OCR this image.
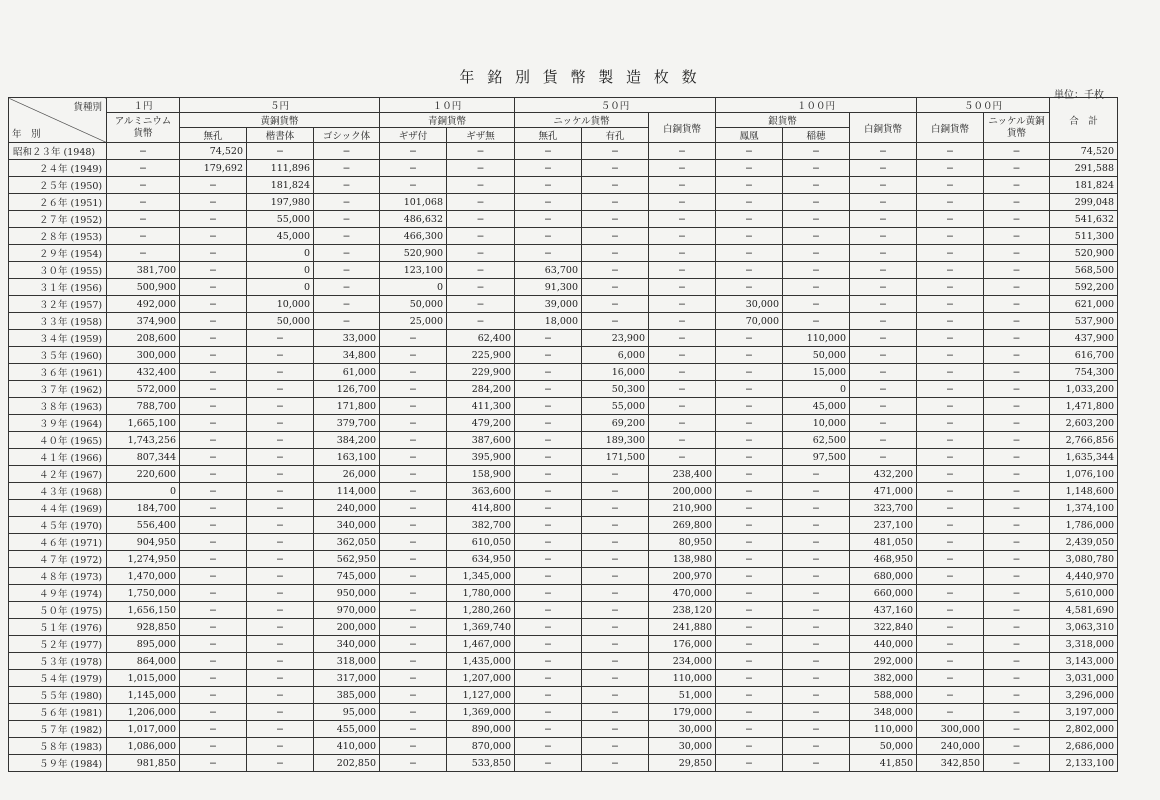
年 銘 別 貨 幣 製 造 枚 数
単位：千枚
貨種別
年　別	１円	５円			１０円		５０円			１００円			５００円		合　計
	アルミニウム貨幣	黄銅貨幣			青銅貨幣		ニッケル貨幣		白銅貨幣	銀貨幣		白銅貨幣	白銅貨幣	ニッケル黄銅貨幣	
		無孔	楷書体	ゴシック体	ギザ付	ギザ無	無孔	有孔		鳳凰	稲穂				
昭和２３年 (1948)	−	74,520	−	−	−	−	−	−	−	−	−	−	−	−	74,520
２４年 (1949)	−	179,692	111,896	−	−	−	−	−	−	−	−	−	−	−	291,588
２５年 (1950)	−	−	181,824	−	−	−	−	−	−	−	−	−	−	−	181,824
２６年 (1951)	−	−	197,980	−	101,068	−	−	−	−	−	−	−	−	−	299,048
２７年 (1952)	−	−	55,000	−	486,632	−	−	−	−	−	−	−	−	−	541,632
２８年 (1953)	−	−	45,000	−	466,300	−	−	−	−	−	−	−	−	−	511,300
２９年 (1954)	−	−	0	−	520,900	−	−	−	−	−	−	−	−	−	520,900
３０年 (1955)	381,700	−	0	−	123,100	−	63,700	−	−	−	−	−	−	−	568,500
３１年 (1956)	500,900	−	0	−	0	−	91,300	−	−	−	−	−	−	−	592,200
３２年 (1957)	492,000	−	10,000	−	50,000	−	39,000	−	−	30,000	−	−	−	−	621,000
３３年 (1958)	374,900	−	50,000	−	25,000	−	18,000	−	−	70,000	−	−	−	−	537,900
３４年 (1959)	208,600	−	−	33,000	−	62,400	−	23,900	−	−	110,000	−	−	−	437,900
３５年 (1960)	300,000	−	−	34,800	−	225,900	−	6,000	−	−	50,000	−	−	−	616,700
３６年 (1961)	432,400	−	−	61,000	−	229,900	−	16,000	−	−	15,000	−	−	−	754,300
３７年 (1962)	572,000	−	−	126,700	−	284,200	−	50,300	−	−	0	−	−	−	1,033,200
３８年 (1963)	788,700	−	−	171,800	−	411,300	−	55,000	−	−	45,000	−	−	−	1,471,800
３９年 (1964)	1,665,100	−	−	379,700	−	479,200	−	69,200	−	−	10,000	−	−	−	2,603,200
４０年 (1965)	1,743,256	−	−	384,200	−	387,600	−	189,300	−	−	62,500	−	−	−	2,766,856
４１年 (1966)	807,344	−	−	163,100	−	395,900	−	171,500	−	−	97,500	−	−	−	1,635,344
４２年 (1967)	220,600	−	−	26,000	−	158,900	−	−	238,400	−	−	432,200	−	−	1,076,100
４３年 (1968)	0	−	−	114,000	−	363,600	−	−	200,000	−	−	471,000	−	−	1,148,600
４４年 (1969)	184,700	−	−	240,000	−	414,800	−	−	210,900	−	−	323,700	−	−	1,374,100
４５年 (1970)	556,400	−	−	340,000	−	382,700	−	−	269,800	−	−	237,100	−	−	1,786,000
４６年 (1971)	904,950	−	−	362,050	−	610,050	−	−	80,950	−	−	481,050	−	−	2,439,050
４７年 (1972)	1,274,950	−	−	562,950	−	634,950	−	−	138,980	−	−	468,950	−	−	3,080,780
４８年 (1973)	1,470,000	−	−	745,000	−	1,345,000	−	−	200,970	−	−	680,000	−	−	4,440,970
４９年 (1974)	1,750,000	−	−	950,000	−	1,780,000	−	−	470,000	−	−	660,000	−	−	5,610,000
５０年 (1975)	1,656,150	−	−	970,000	−	1,280,260	−	−	238,120	−	−	437,160	−	−	4,581,690
５１年 (1976)	928,850	−	−	200,000	−	1,369,740	−	−	241,880	−	−	322,840	−	−	3,063,310
５２年 (1977)	895,000	−	−	340,000	−	1,467,000	−	−	176,000	−	−	440,000	−	−	3,318,000
５３年 (1978)	864,000	−	−	318,000	−	1,435,000	−	−	234,000	−	−	292,000	−	−	3,143,000
５４年 (1979)	1,015,000	−	−	317,000	−	1,207,000	−	−	110,000	−	−	382,000	−	−	3,031,000
５５年 (1980)	1,145,000	−	−	385,000	−	1,127,000	−	−	51,000	−	−	588,000	−	−	3,296,000
５６年 (1981)	1,206,000	−	−	95,000	−	1,369,000	−	−	179,000	−	−	348,000	−	−	3,197,000
５７年 (1982)	1,017,000	−	−	455,000	−	890,000	−	−	30,000	−	−	110,000	300,000	−	2,802,000
５８年 (1983)	1,086,000	−	−	410,000	−	870,000	−	−	30,000	−	−	50,000	240,000	−	2,686,000
５９年 (1984)	981,850	−	−	202,850	−	533,850	−	−	29,850	−	−	41,850	342,850	−	2,133,100
